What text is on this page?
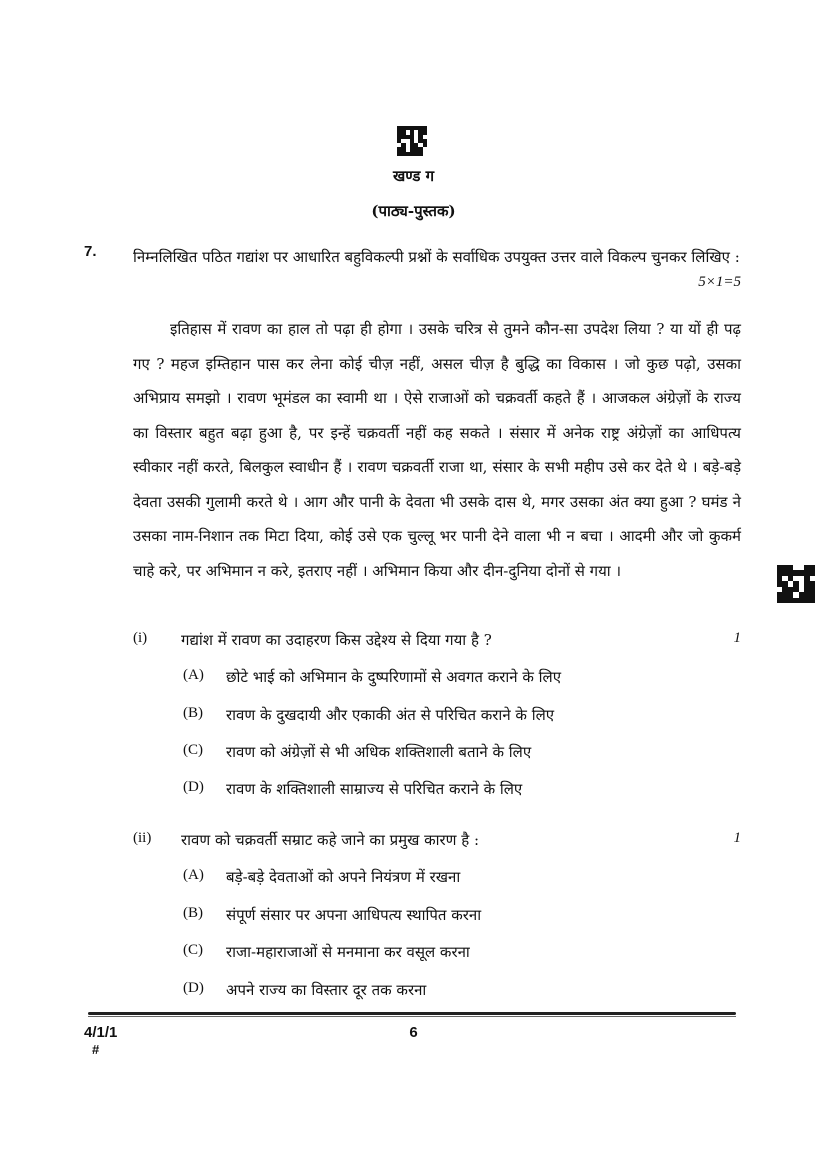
खण्ड ग
(पाठ्य-पुस्तक)
7. निम्नलिखित पठित गद्यांश पर आधारित बहुविकल्पी प्रश्नों के सर्वाधिक उपयुक्त उत्तर वाले विकल्प चुनकर लिखिए :
5×1=5

इतिहास में रावण का हाल तो पढ़ा ही होगा । उसके चरित्र से तुमने कौन-सा उपदेश लिया ? या यों ही पढ़ गए ? महज इम्तिहान पास कर लेना कोई चीज़ नहीं, असल चीज़ है बुद्धि का विकास । जो कुछ पढ़ो, उसका अभिप्राय समझो । रावण भूमंडल का स्वामी था । ऐसे राजाओं को चक्रवर्ती कहते हैं । आजकल अंग्रेज़ों के राज्य का विस्तार बहुत बढ़ा हुआ है, पर इन्हें चक्रवर्ती नहीं कह सकते । संसार में अनेक राष्ट्र अंग्रेज़ों का आधिपत्य स्वीकार नहीं करते, बिलकुल स्वाधीन हैं । रावण चक्रवर्ती राजा था, संसार के सभी महीप उसे कर देते थे । बड़े-बड़े देवता उसकी गुलामी करते थे । आग और पानी के देवता भी उसके दास थे, मगर उसका अंत क्या हुआ ? घमंड ने उसका नाम-निशान तक मिटा दिया, कोई उसे एक चुल्लू भर पानी देने वाला भी न बचा । आदमी और जो कुकर्म चाहे करे, पर अभिमान न करे, इतराए नहीं । अभिमान किया और दीन-दुनिया दोनों से गया ।

(i) गद्यांश में रावण का उदाहरण किस उद्देश्य से दिया गया है ?	1
(A) छोटे भाई को अभिमान के दुष्परिणामों से अवगत कराने के लिए
(B) रावण के दुखदायी और एकाकी अंत से परिचित कराने के लिए
(C) रावण को अंग्रेज़ों से भी अधिक शक्तिशाली बताने के लिए
(D) रावण के शक्तिशाली साम्राज्य से परिचित कराने के लिए
(ii) रावण को चक्रवर्ती सम्राट कहे जाने का प्रमुख कारण है :	1
(A) बड़े-बड़े देवताओं को अपने नियंत्रण में रखना
(B) संपूर्ण संसार पर अपना आधिपत्य स्थापित करना
(C) राजा-महाराजाओं से मनमाना कर वसूल करना
(D) अपने राज्य का विस्तार दूर तक करना
4/1/1
#
6
